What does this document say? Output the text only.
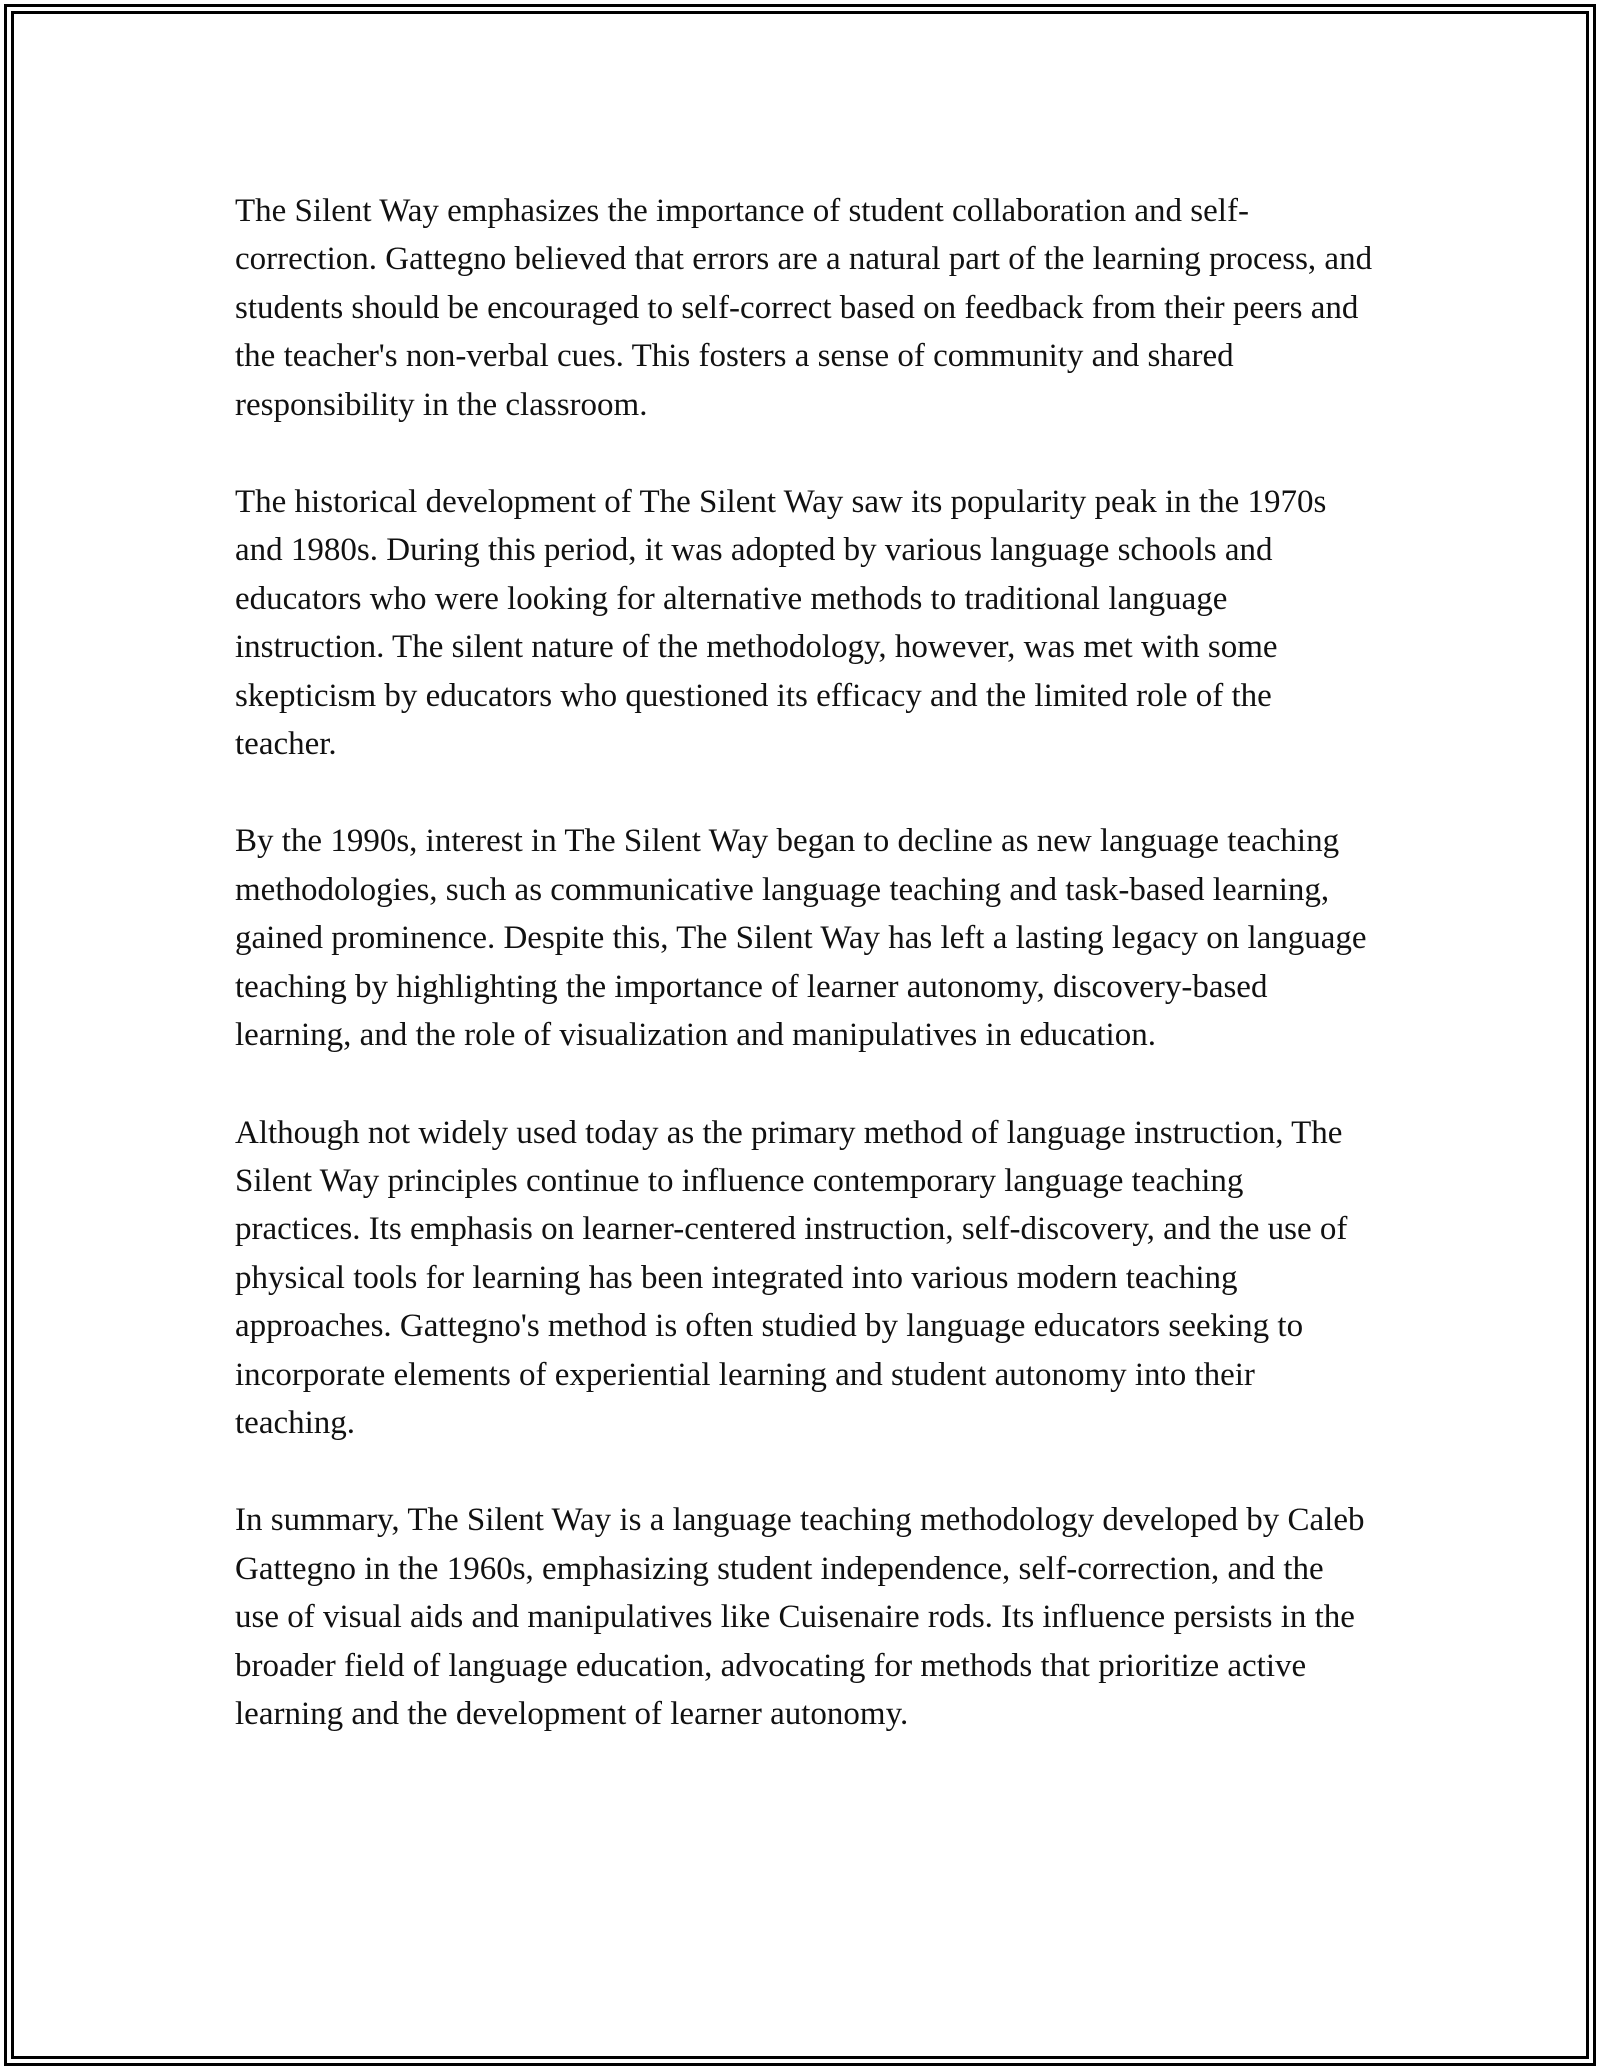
The Silent Way emphasizes the importance of student collaboration and self-correction. Gattegno believed that errors are a natural part of the learning process, and students should be encouraged to self-correct based on feedback from their peers and the teacher's non-verbal cues. This fosters a sense of community and shared responsibility in the classroom.

The historical development of The Silent Way saw its popularity peak in the 1970s and 1980s. During this period, it was adopted by various language schools and educators who were looking for alternative methods to traditional language instruction. The silent nature of the methodology, however, was met with some skepticism by educators who questioned its efficacy and the limited role of the teacher.

By the 1990s, interest in The Silent Way began to decline as new language teaching methodologies, such as communicative language teaching and task-based learning, gained prominence. Despite this, The Silent Way has left a lasting legacy on language teaching by highlighting the importance of learner autonomy, discovery-based learning, and the role of visualization and manipulatives in education.

Although not widely used today as the primary method of language instruction, The Silent Way principles continue to influence contemporary language teaching practices. Its emphasis on learner-centered instruction, self-discovery, and the use of physical tools for learning has been integrated into various modern teaching approaches. Gattegno's method is often studied by language educators seeking to incorporate elements of experiential learning and student autonomy into their teaching.

In summary, The Silent Way is a language teaching methodology developed by Caleb Gattegno in the 1960s, emphasizing student independence, self-correction, and the use of visual aids and manipulatives like Cuisenaire rods. Its influence persists in the broader field of language education, advocating for methods that prioritize active learning and the development of learner autonomy.
